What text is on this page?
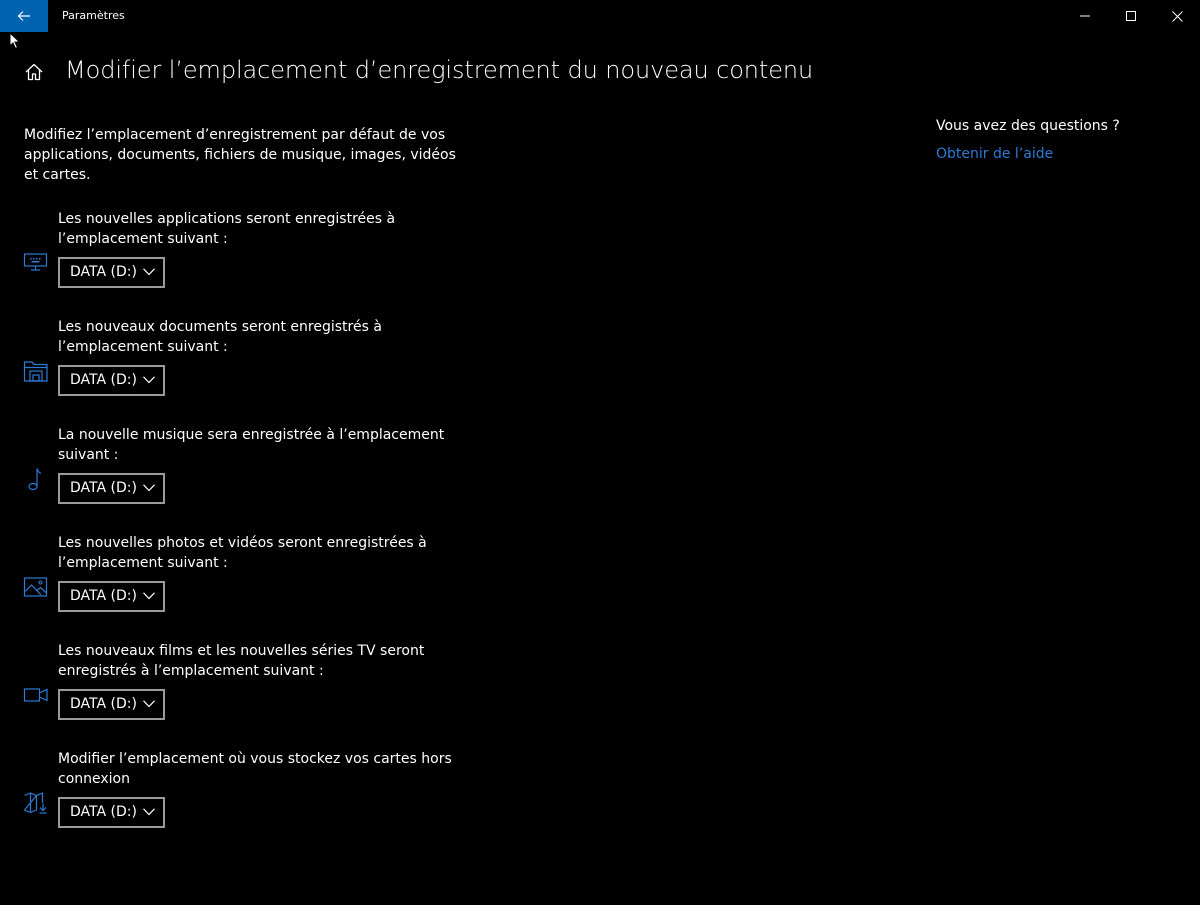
Paramètres
Modifier l’emplacement d’enregistrement du nouveau contenu
Modifiez l’emplacement d’enregistrement par défaut de vos applications, documents, fichiers de musique, images, vidéos et cartes.
Les nouvelles applications seront enregistrées à l’emplacement suivant :
DATA (D:)
Les nouveaux documents seront enregistrés à l’emplacement suivant :
DATA (D:)
La nouvelle musique sera enregistrée à l’emplacement suivant :
DATA (D:)
Les nouvelles photos et vidéos seront enregistrées à l’emplacement suivant :
DATA (D:)
Les nouveaux films et les nouvelles séries TV seront enregistrés à l’emplacement suivant :
DATA (D:)
Modifier l’emplacement où vous stockez vos cartes hors connexion
DATA (D:)
Vous avez des questions ?
Obtenir de l’aide
